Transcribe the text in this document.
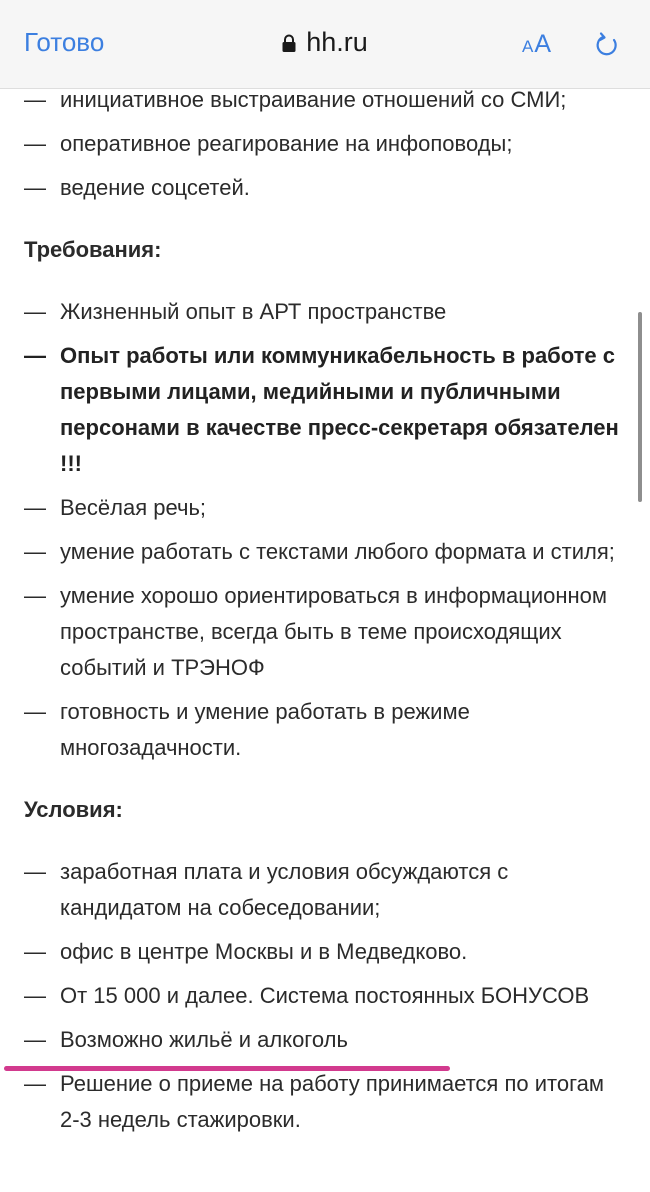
Готово	hh.ru	AA
— инициативное выстраивание отношений со СМИ;
— оперативное реагирование на инфоповоды;
— ведение соцсетей.
Требования:
— Жизненный опыт в АРТ пространстве
— Опыт работы или коммуникабельность в работе с первыми лицами, медийными и публичными персонами в качестве пресс-секретаря обязателен !!!
— Весёлая речь;
— умение работать с текстами любого формата и стиля;
— умение хорошо ориентироваться в информационном пространстве, всегда быть в теме происходящих событий и ТРЭНОФ
— готовность и умение работать в режиме многозадачности.
Условия:
— заработная плата и условия обсуждаются с кандидатом на собеседовании;
— офис в центре Москвы и в Медведково.
— От 15 000 и далее. Система постоянных БОНУСОВ
— Возможно жильё и алкоголь
— Решение о приеме на работу принимается по итогам 2-3 недель стажировки.
